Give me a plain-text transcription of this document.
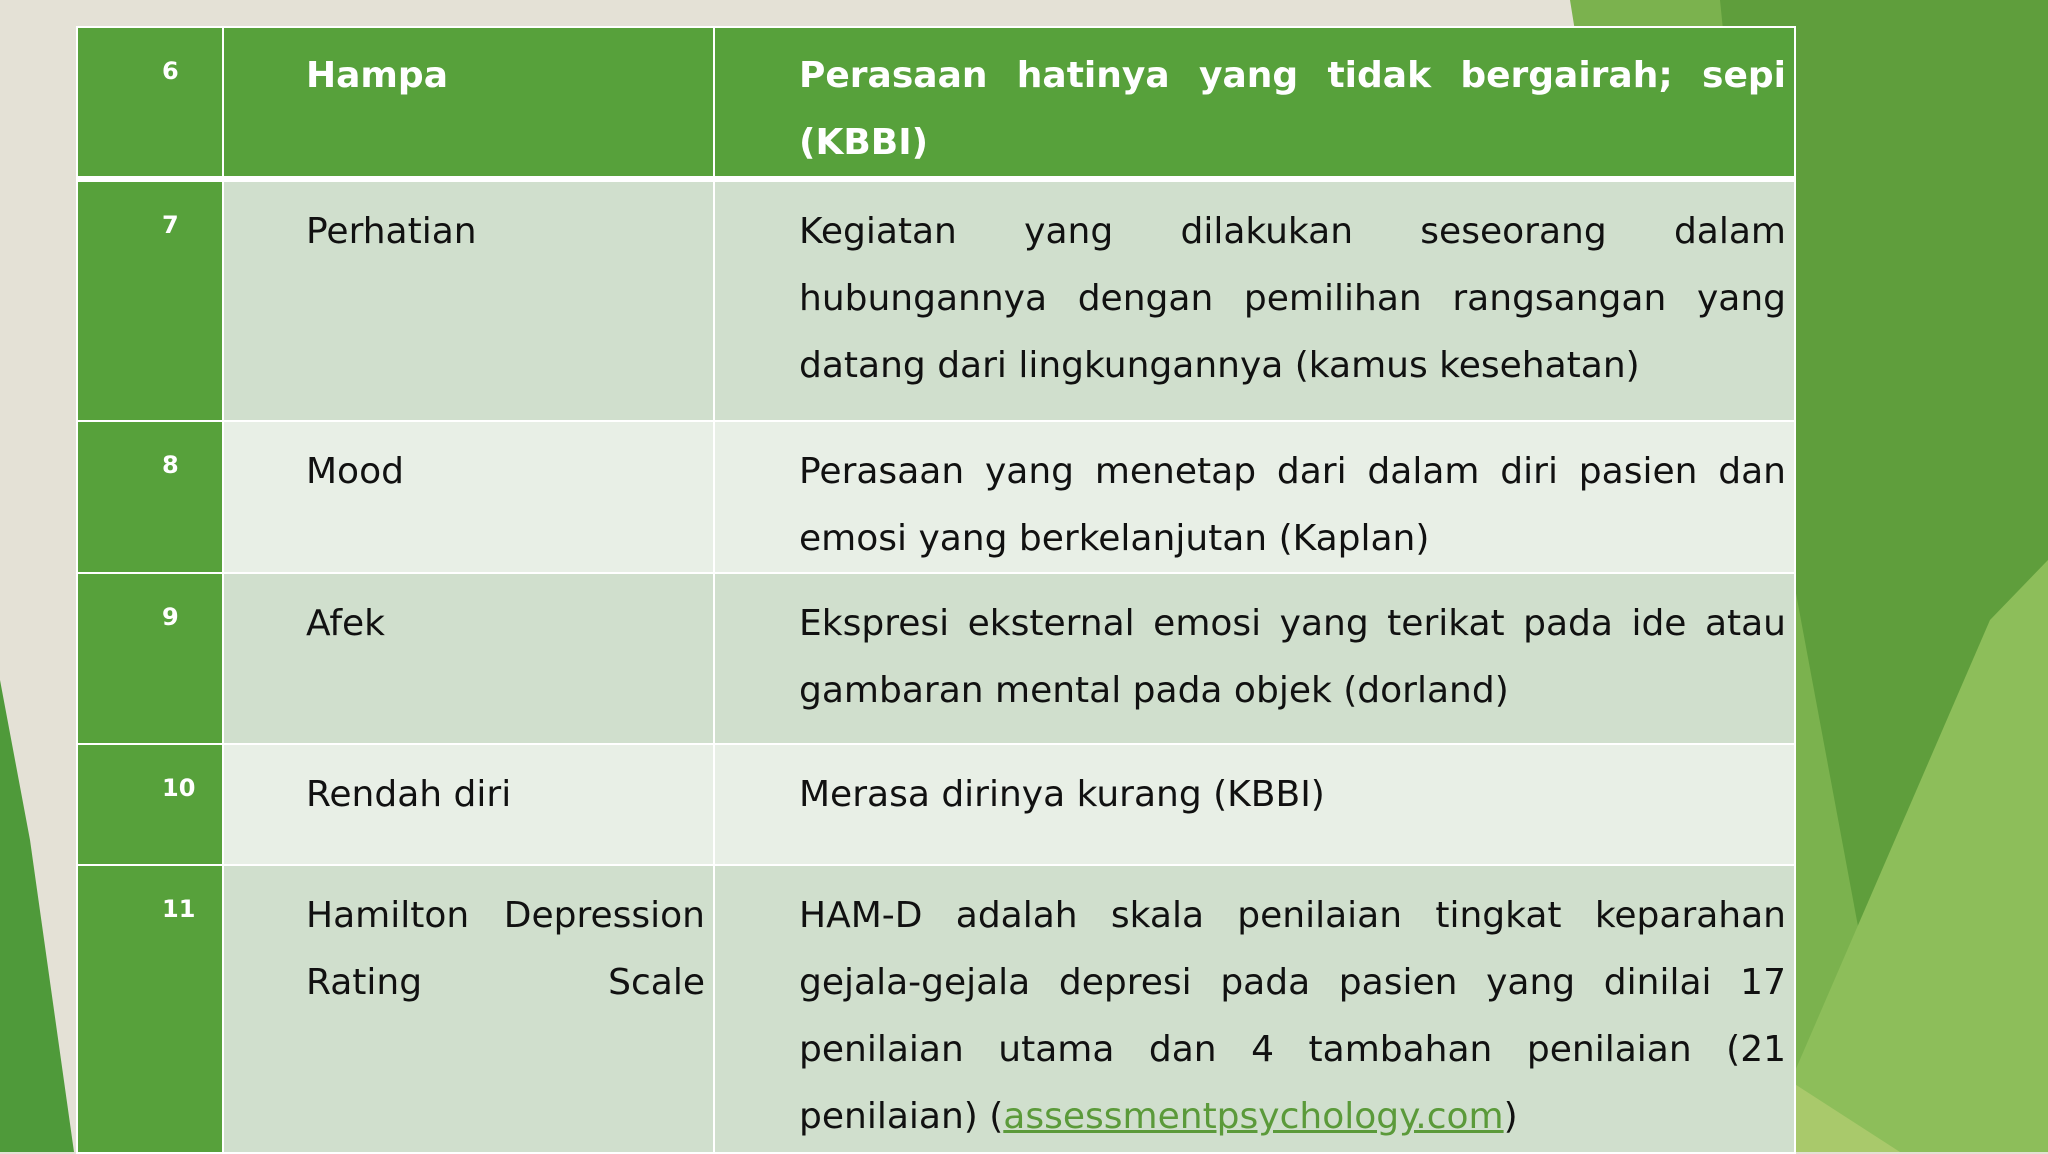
6	Hampa	Perasaan hatinya yang tidak bergairah; sepi (KBBI)
7	Perhatian	Kegiatan yang dilakukan seseorang dalam hubungannya dengan pemilihan rangsangan yang datang dari lingkungannya (kamus kesehatan)
8	Mood	Perasaan yang menetap dari dalam diri pasien dan emosi yang berkelanjutan (Kaplan)
9	Afek	Ekspresi eksternal emosi yang terikat pada ide atau gambaran mental pada objek (dorland)
10	Rendah diri	Merasa dirinya kurang (KBBI)
11	Hamilton Depression Rating Scale	HAM-D adalah skala penilaian tingkat keparahan gejala-gejala depresi pada pasien yang dinilai 17 penilaian utama dan 4 tambahan penilaian (21 penilaian) (assessmentpsychology.com)
